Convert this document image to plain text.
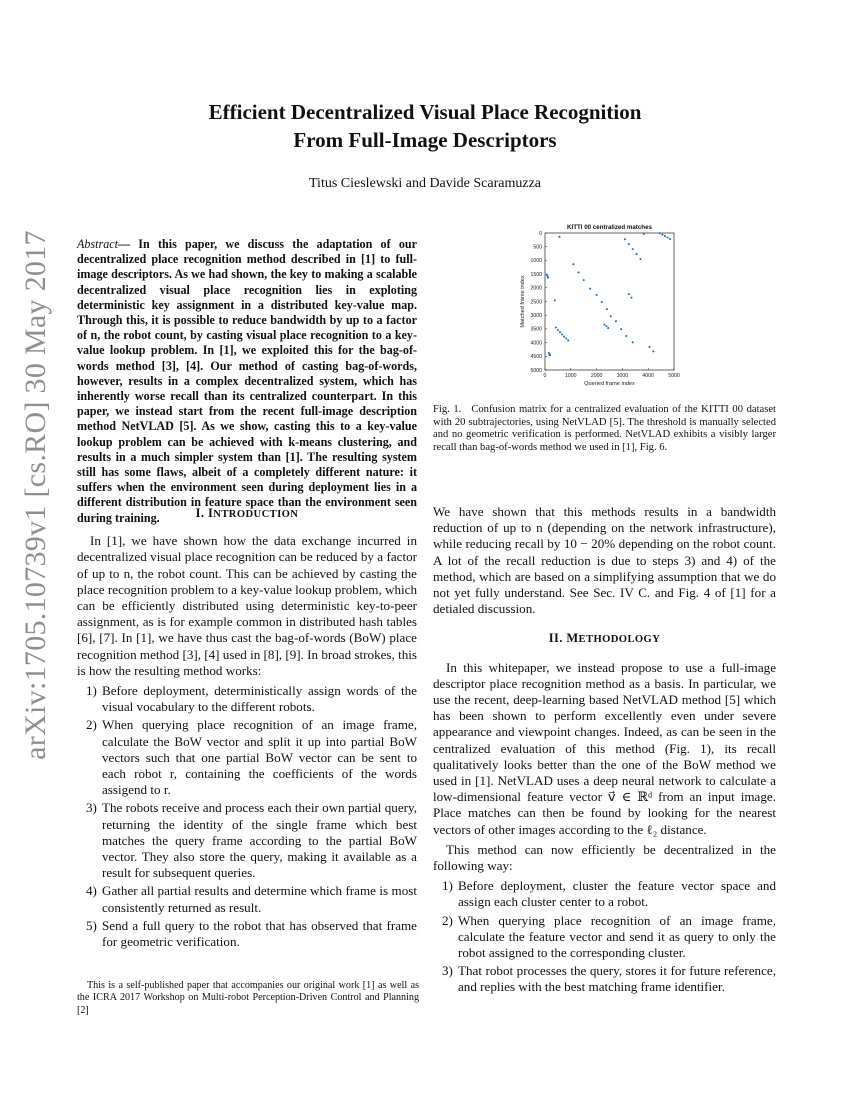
arXiv:1705.10739v1 [cs.RO] 30 May 2017
Efficient Decentralized Visual Place Recognition
From Full-Image Descriptors
Titus Cieslewski and Davide Scaramuzza
Abstract— In this paper, we discuss the adaptation of our decentralized place recognition method described in [1] to full-image descriptors. As we had shown, the key to making a scalable decentralized visual place recognition lies in exploting deterministic key assignment in a distributed key-value map. Through this, it is possible to reduce bandwidth by up to a factor of n, the robot count, by casting visual place recognition to a key-value lookup problem. In [1], we exploited this for the bag-of-words method [3], [4]. Our method of casting bag-of-words, however, results in a complex decentralized system, which has inherently worse recall than its centralized counterpart. In this paper, we instead start from the recent full-image description method NetVLAD [5]. As we show, casting this to a key-value lookup problem can be achieved with k-means clustering, and results in a much simpler system than [1]. The resulting system still has some flaws, albeit of a completely different nature: it suffers when the environment seen during deployment lies in a different distribution in feature space than the environment seen during training.	I. INTRODUCTION

In [1], we have shown how the data exchange incurred in decentralized visual place recognition can be reduced by a factor of up to n, the robot count. This can be achieved by casting the place recognition problem to a key-value lookup problem, which can be efficiently distributed using deterministic key-to-peer assignment, as is for example common in distributed hash tables [6], [7]. In [1], we have thus cast the bag-of-words (BoW) place recognition method [3], [4] used in [8], [9]. In broad strokes, this is how the resulting method works:

1) Before deployment, deterministically assign words of the visual vocabulary to the different robots.
2) When querying place recognition of an image frame, calculate the BoW vector and split it up into partial BoW vectors such that one partial BoW vector can be sent to each robot r, containing the coefficients of the words assigend to r.
3) The robots receive and process each their own partial query, returning the identity of the single frame which best matches the query frame according to the partial BoW vector. They also store the query, making it available as a result for subsequent queries.
4) Gather all partial results and determine which frame is most consistently returned as result.
5) Send a full query to the robot that has observed that frame for geometric verification.
This is a self-published paper that accompanies our original work [1] as well as the ICRA 2017 Workshop on Multi-robot Perception-Driven Control and Planning [2]
KITTI 00 centralized matches
0	1000	2000	3000	4000	5000
0
500
1000
1500
2000
2500
3000
3500
4000
4500
5000
Queried frame index
Matched frame index
Fig. 1. Confusion matrix for a centralized evaluation of the KITTI 00 dataset with 20 subtrajectories, using NetVLAD [5]. The threshold is manually selected and no geometric verification is performed. NetVLAD exhibits a visibly larger recall than bag-of-words method we used in [1], Fig. 6.

We have shown that this methods results in a bandwidth reduction of up to n (depending on the network infrastructure), while reducing recall by 10 − 20% depending on the robot count. A lot of the recall reduction is due to steps 3) and 4) of the method, which are based on a simplifying assumption that we do not yet fully understand. See Sec. IV C. and Fig. 4 of [1] for a detialed discussion.

II. METHODOLOGY

In this whitepaper, we instead propose to use a full-image descriptor place recognition method as a basis. In particular, we use the recent, deep-learning based NetVLAD method [5] which has been shown to perform excellently even under severe appearance and viewpoint changes. Indeed, as can be seen in the centralized evaluation of this method (Fig. 1), its recall qualitatively looks better than the one of the BoW method we used in [1]. NetVLAD uses a deep neural network to calculate a low-dimensional feature vector v⃗ ∈ ℝᵈ from an input image. Place matches can then be found by looking for the nearest vectors of other images according to the ℓ₂ distance.

This method can now efficiently be decentralized in the following way:

1) Before deployment, cluster the feature vector space and assign each cluster center to a robot.
2) When querying place recognition of an image frame, calculate the feature vector and send it as query to only the robot assigned to the corresponding cluster.
3) That robot processes the query, stores it for future reference, and replies with the best matching frame identifier.
